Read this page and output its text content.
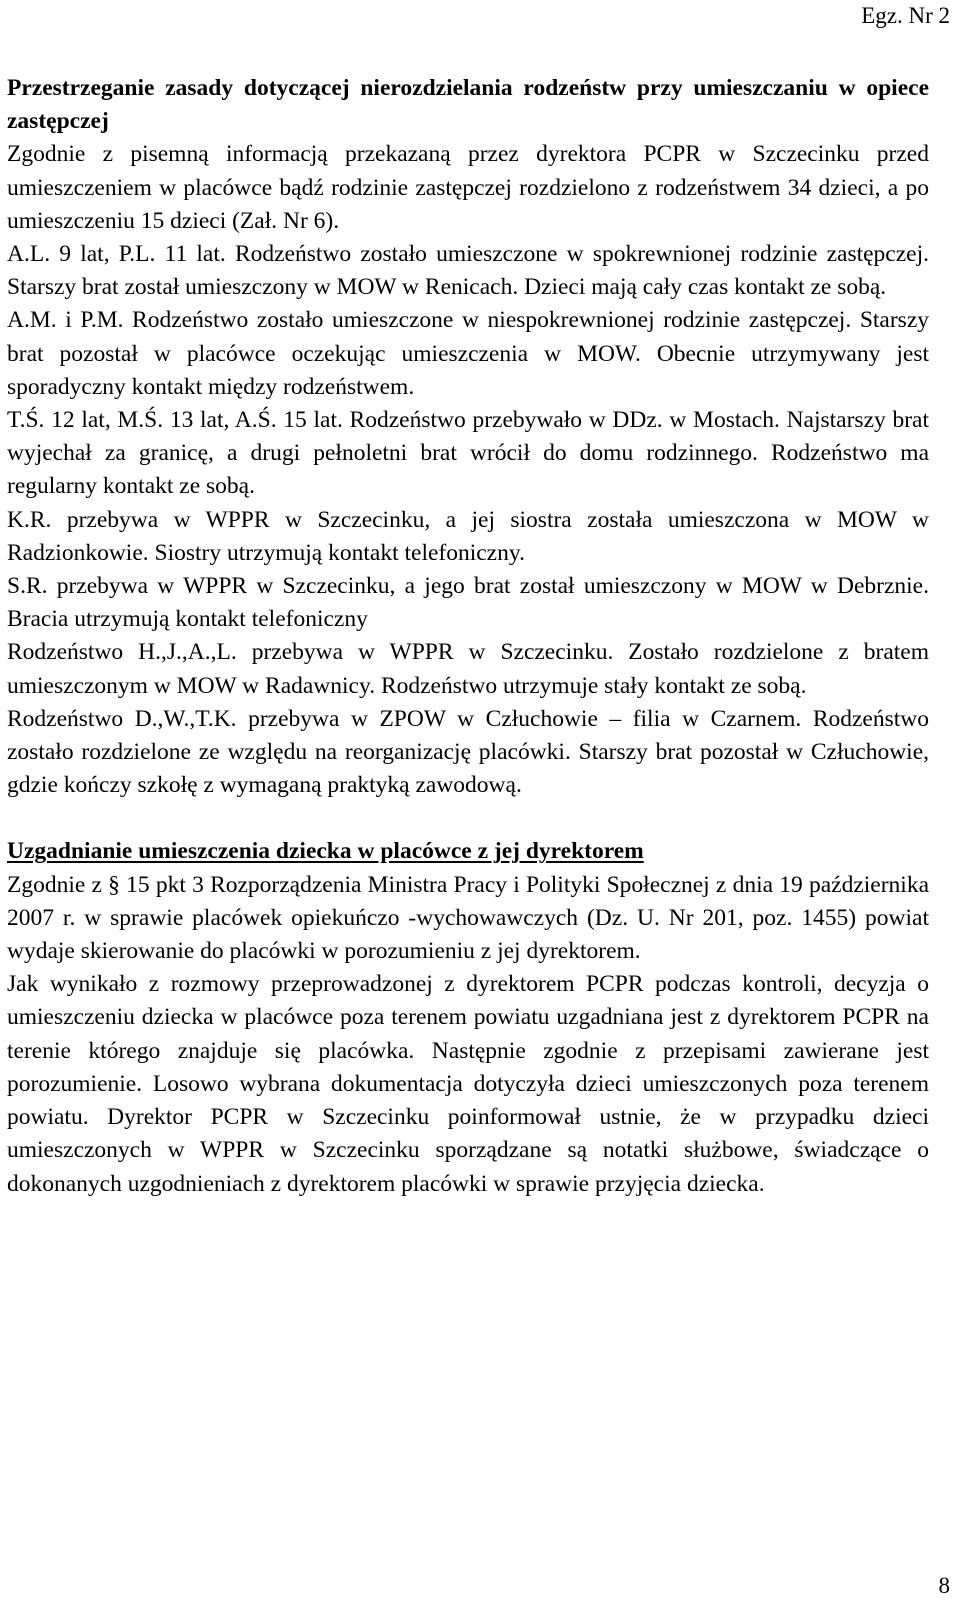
Egz. Nr 2

Przestrzeganie zasady dotyczącej nierozdzielania rodzeństw przy umieszczaniu w opiece zastępczej

Zgodnie z pisemną informacją przekazaną przez dyrektora PCPR w Szczecinku przed umieszczeniem w placówce bądź rodzinie zastępczej rozdzielono z rodzeństwem 34 dzieci, a po umieszczeniu 15 dzieci (Zał. Nr 6).

A.L. 9 lat, P.L. 11 lat. Rodzeństwo zostało umieszczone w spokrewnionej rodzinie zastępczej. Starszy brat został umieszczony w MOW w Renicach. Dzieci mają cały czas kontakt ze sobą.

A.M. i P.M. Rodzeństwo zostało umieszczone w niespokrewnionej rodzinie zastępczej. Starszy brat pozostał w placówce oczekując umieszczenia w MOW. Obecnie utrzymywany jest sporadyczny kontakt między rodzeństwem.

T.Ś. 12 lat, M.Ś. 13 lat, A.Ś. 15 lat. Rodzeństwo przebywało w DDz. w Mostach. Najstarszy brat wyjechał za granicę, a drugi pełnoletni brat wrócił do domu rodzinnego. Rodzeństwo ma regularny kontakt ze sobą.

K.R. przebywa w WPPR w Szczecinku, a jej siostra została umieszczona w MOW w Radzionkowie. Siostry utrzymują kontakt telefoniczny.

S.R. przebywa w WPPR w Szczecinku, a jego brat został umieszczony w MOW w Debrznie. Bracia utrzymują kontakt telefoniczny

Rodzeństwo H.,J.,A.,L. przebywa w WPPR w Szczecinku. Zostało rozdzielone z bratem umieszczonym w MOW w Radawnicy. Rodzeństwo utrzymuje stały kontakt ze sobą.

Rodzeństwo D.,W.,T.K. przebywa w ZPOW w Człuchowie – filia w Czarnem. Rodzeństwo zostało rozdzielone ze względu na reorganizację placówki. Starszy brat pozostał w Człuchowie, gdzie kończy szkołę z wymaganą praktyką zawodową.

Uzgadnianie umieszczenia dziecka w placówce z jej dyrektorem

Zgodnie z § 15 pkt 3 Rozporządzenia Ministra Pracy i Polityki Społecznej z dnia 19 października 2007 r. w sprawie placówek opiekuńczo -wychowawczych (Dz. U. Nr 201, poz. 1455) powiat wydaje skierowanie do placówki w porozumieniu z jej dyrektorem.

Jak wynikało z rozmowy przeprowadzonej z dyrektorem PCPR podczas kontroli, decyzja o umieszczeniu dziecka w placówce poza terenem powiatu uzgadniana jest z dyrektorem PCPR na terenie którego znajduje się placówka. Następnie zgodnie z przepisami zawierane jest porozumienie. Losowo wybrana dokumentacja dotyczyła dzieci umieszczonych poza terenem powiatu. Dyrektor PCPR w Szczecinku poinformował ustnie, że w przypadku dzieci umieszczonych w WPPR w Szczecinku sporządzane są notatki służbowe, świadczące o dokonanych uzgodnieniach z dyrektorem placówki w sprawie przyjęcia dziecka.

8
